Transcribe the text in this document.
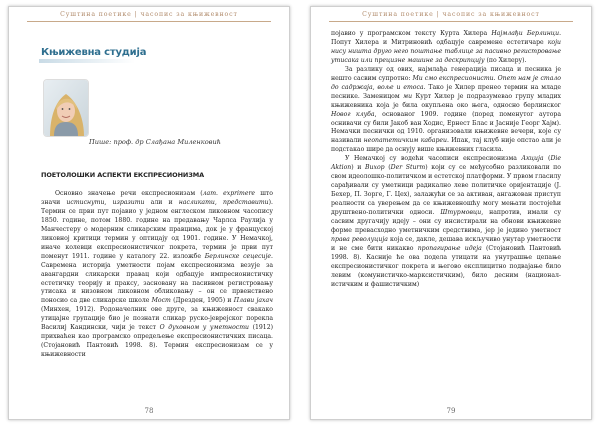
Суштина поетике | часопис за књижевност
Књижевна студија
Пише: проф. др Слађана Миленковић
ПОЕТОЛОШКИ АСПЕКТИ ЕКСПРЕСИОНИЗМА

Основно значење речи експресионизам (лат. exprimere што значи истиснути, изразити али и насликати, представити). Термин се први пут појавио у једном енглеском ликовном часопису 1850. године, потом 1880. године на предавању Чарлса Раулија у Манчестеру о модерним сликарским правцима, док је у француској ликовној критици термин у оптицају од 1901. године. У Немачкој, иначе колевци експресионистичког покрета, термин је први пут поменут 1911. године у каталогу 22. изложбе Берлинске сецесије. Савремена историја уметности појам експресионизма везује за авангардни сликарски правац који одбацује импресионистичку естетичку теорију и праксу, засновану на пасивном регистровању утисака и низовном ликовном обликовању – он се првенствено поносио са две сликарске школе Мост (Дрезден, 1905) и Плави јахач (Минхен, 1912). Родоначелник ове друге, за књижевност свакако утицајне групације био је познати сликар руско-јеврејског порекла Василиј Кандински, чији је текст О духовном у уметности (1912) прихваћен као програмско опредељење експресионистичких писаца. (Стојановић Пантовић 1998. 8). Термин експресионизам се у књижевности

78
Суштина поетике | часопис за књижевност

појавио у програмском тексту Курта Хилера Најмлађи Берлинци. Попут Хилера и Митриновић одбацује савремене естетичаре који нису ништа друго него поштање таблице за пасивно регистровање утисака или прецизне машине за дескрипцију (по Хилеру).

За разлику од ових, најмлађа генерација писаца и песника је нешто сасвим супротно: Ми смо експресионисти. Опет нам је стало до садржаја, воље и етоса. Тако је Хилер пренео термин на младе песнике. Заменицом ми Курт Хилер је подразумевао групу младих књижевника која је била окупљена око њега, односно берлинског Новог клуба, основаног 1909. године (поред поменутог аутора оснивачи су били Јакоб ван Ходис, Ернест Блас и Јасније Георг Хајм). Немачки песнички од 1910. организовали књижевне вечери, које су називали неопатетичким кабареи. Ипак, тај клуб није опстао али је подстакао шире да оснују више књижевних гласила.

У Немачкој су водећи часописи експресионизма Акција (Die Aktion) и Вихор (Der Sturm) који су се међусобно разликовали по свом идеолошко-политичком и естетској платформи. У првом гласилу сарађивали су уметници радикално леве политичке оријентације (Ј. Бехер, П. Зорге, Г. Цех), залажући се за активан, ангажован приступ реалности са уверењем да се књижевношћу могу мењати постојећи друштвено-политички односи. Штурмовци, напротив, имали су сасвим другачију идеју – они су инсистирали на обнови књижевне форме превасходно уметничким средствима, јер је једино уметност права револуција која се, дакле, дешава искључиво унутар уметности и не сме бити никакво пропагирање идеја (Стојановић Пантовић 1998. 8). Касније ће ова подела утицати на унутрашње цепање експресионистичког покрета и његово експлицитно подвајање било левим (комунистичко-марксистичким), било десним (националистичким и фашистичким)

79
